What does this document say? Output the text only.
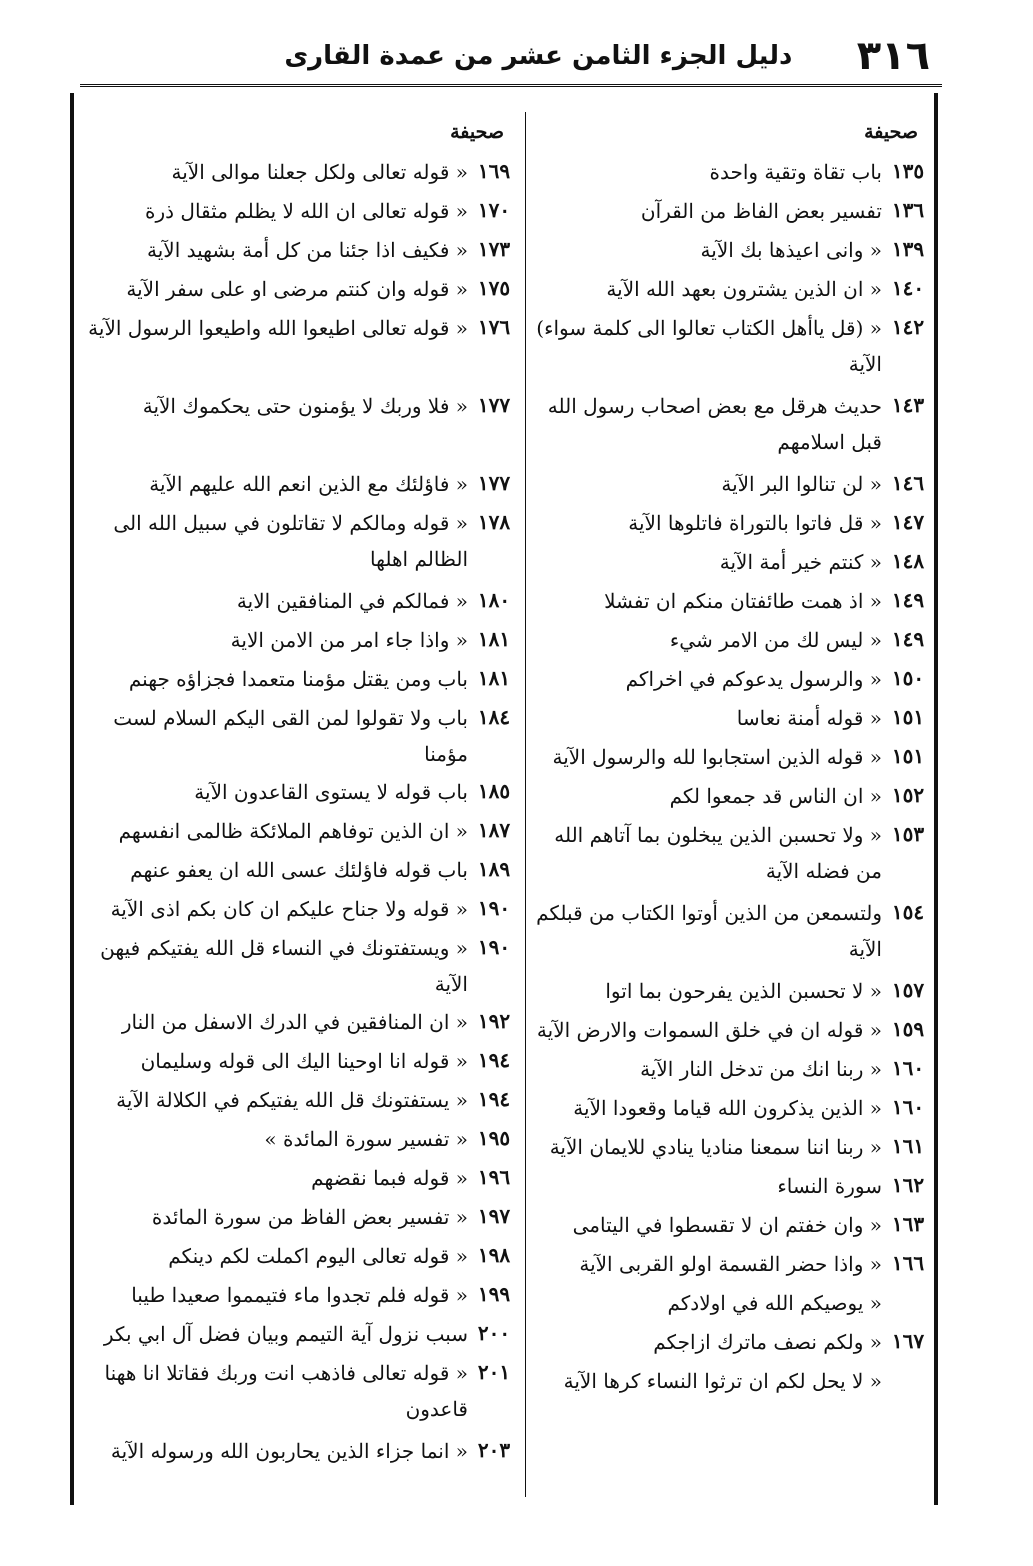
٣١٦
دليل الجزء الثامن عشر من عمدة القارى
صحيفة
١٣٥
باب تقاة وتقية واحدة
١٣٦
تفسير بعض الفاظ من القرآن
١٣٩
« وانى اعيذها بك الآية
١٤٠
« ان الذين يشترون بعهد الله الآية
١٤٢
« (قل ياأهل الكتاب تعالوا الى كلمة سواء) الآية
١٤٣
حديث هرقل مع بعض اصحاب رسول الله قبل اسلامهم
١٤٦
« لن تنالوا البر الآية
١٤٧
« قل فاتوا بالتوراة فاتلوها الآية
١٤٨
« كنتم خير أمة الآية
١٤٩
« اذ همت طائفتان منكم ان تفشلا
١٤٩
« ليس لك من الامر شيء
١٥٠
« والرسول يدعوكم في اخراكم
١٥١
« قوله أمنة نعاسا
١٥١
« قوله الذين استجابوا لله والرسول الآية
١٥٢
« ان الناس قد جمعوا لكم
١٥٣
« ولا تحسبن الذين يبخلون بما آتاهم الله من فضله الآية
١٥٤
ولتسمعن من الذين أوتوا الكتاب من قبلكم الآية
١٥٧
« لا تحسبن الذين يفرحون بما اتوا
١٥٩
« قوله ان في خلق السموات والارض الآية
١٦٠
« ربنا انك من تدخل النار الآية
١٦٠
« الذين يذكرون الله قياما وقعودا الآية
١٦١
« ربنا اننا سمعنا مناديا ينادي للايمان الآية
١٦٢
سورة النساء
١٦٣
« وان خفتم ان لا تقسطوا في اليتامى
١٦٦
« واذا حضر القسمة اولو القربى الآية
« يوصيكم الله في اولادكم
١٦٧
« ولكم نصف ماترك ازاجكم
« لا يحل لكم ان ترثوا النساء كرها الآية
صحيفة
١٦٩
« قوله تعالى ولكل جعلنا موالى الآية
١٧٠
« قوله تعالى ان الله لا يظلم مثقال ذرة
١٧٣
« فكيف اذا جئنا من كل أمة بشهيد الآية
١٧٥
« قوله وان كنتم مرضى او على سفر الآية
١٧٦
« قوله تعالى اطيعوا الله واطيعوا الرسول الآية
١٧٧
« فلا وربك لا يؤمنون حتى يحكموك الآية
١٧٧
« فاؤلئك مع الذين انعم الله عليهم الآية
١٧٨
« قوله ومالكم لا تقاتلون في سبيل الله الى الظالم اهلها
١٨٠
« فمالكم في المنافقين الاية
١٨١
« واذا جاء امر من الامن الاية
١٨١
باب ومن يقتل مؤمنا متعمدا فجزاؤه جهنم
١٨٤
باب ولا تقولوا لمن القى اليكم السلام لست مؤمنا
١٨٥
باب قوله لا يستوى القاعدون الآية
١٨٧
« ان الذين توفاهم الملائكة ظالمى انفسهم
١٨٩
باب قوله فاؤلئك عسى الله ان يعفو عنهم
١٩٠
« قوله ولا جناح عليكم ان كان بكم اذى الآية
١٩٠
« ويستفتونك في النساء قل الله يفتيكم فيهن الآية
١٩٢
« ان المنافقين في الدرك الاسفل من النار
١٩٤
« قوله انا اوحينا اليك الى قوله وسليمان
١٩٤
« يستفتونك قل الله يفتيكم في الكلالة الآية
١٩٥
« تفسير سورة المائدة »
١٩٦
« قوله فبما نقضهم
١٩٧
« تفسير بعض الفاظ من سورة المائدة
١٩٨
« قوله تعالى اليوم اكملت لكم دينكم
١٩٩
« قوله فلم تجدوا ماء فتيمموا صعيدا طيبا
٢٠٠
سبب نزول آية التيمم وبيان فضل آل ابي بكر
٢٠١
« قوله تعالى فاذهب انت وربك فقاتلا انا ههنا قاعدون
٢٠٣
« انما جزاء الذين يحاربون الله ورسوله الآية
